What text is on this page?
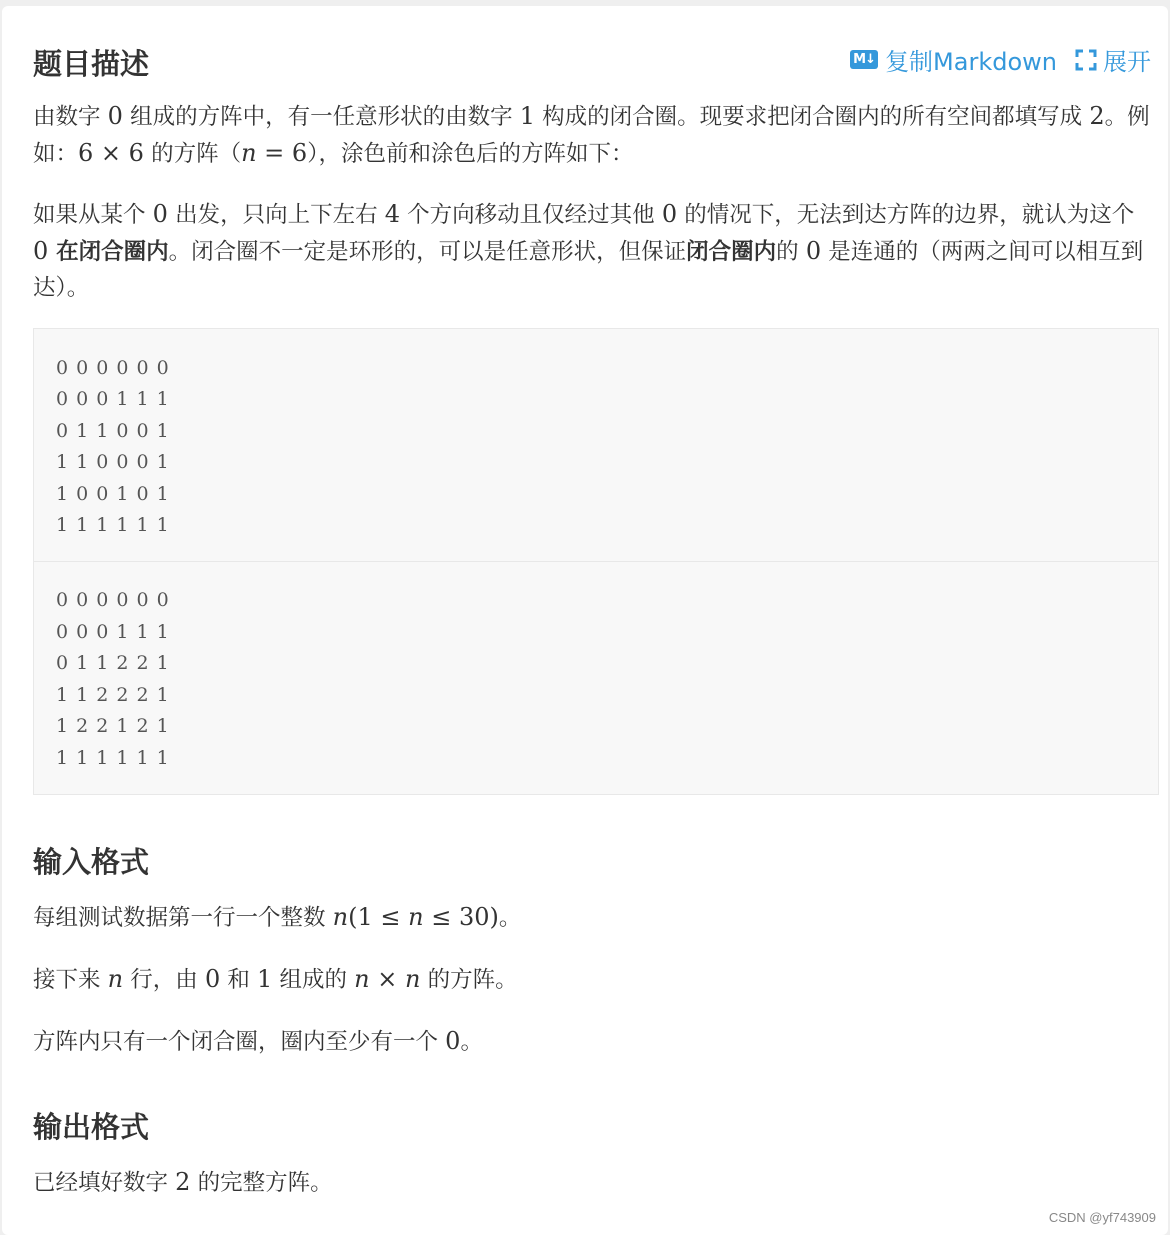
题目描述	M↓ 复制Markdown 展开

由数字 0 组成的方阵中，有一任意形状的由数字 1 构成的闭合圈。现要求把闭合圈内的所有空间都填写成 2。例如：6 × 6 的方阵（n = 6），涂色前和涂色后的方阵如下：

如果从某个 0 出发，只向上下左右 4 个方向移动且仅经过其他 0 的情况下，无法到达方阵的边界，就认为这个 0 在闭合圈内。闭合圈不一定是环形的，可以是任意形状，但保证闭合圈内的 0 是连通的（两两之间可以相互到达）。

0 0 0 0 0 0
0 0 0 1 1 1
0 1 1 0 0 1
1 1 0 0 0 1
1 0 0 1 0 1
1 1 1 1 1 1
0 0 0 0 0 0
0 0 0 1 1 1
0 1 1 2 2 1
1 1 2 2 2 1
1 2 2 1 2 1
1 1 1 1 1 1
输入格式

每组测试数据第一行一个整数 n(1 ≤ n ≤ 30)。

接下来 n 行，由 0 和 1 组成的 n × n 的方阵。

方阵内只有一个闭合圈，圈内至少有一个 0。

输出格式

已经填好数字 2 的完整方阵。

CSDN @yf743909
